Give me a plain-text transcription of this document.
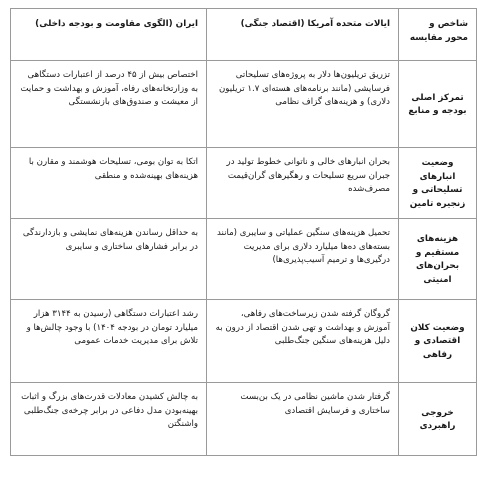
شاخص و محور مقایسه	ایالات متحده آمریکا (اقتصاد جنگی)	ایران (الگوی مقاومت و بودجه داخلی)
تمرکز اصلی بودجه و منابع	تزریق تریلیون‌ها دلار به پروژه‌های تسلیحاتی فرسایشی (مانند برنامه‌های هسته‌ای ۱.۷ تریلیون دلاری) و هزینه‌های گزاف نظامی	اختصاص بیش از ۴۵ درصد از اعتبارات دستگاهی به وزارتخانه‌های رفاه، آموزش و بهداشت و حمایت از معیشت و صندوق‌های بازنشستگی
وضعیت انبارهای تسلیحاتی و زنجیره تامین	بحران انبارهای خالی و ناتوانی خطوط تولید در جبران سریع تسلیحات و رهگیرهای گران‌قیمت مصرف‌شده	اتکا به توان بومی، تسلیحات هوشمند و مقارن با هزینه‌های بهینه‌شده و منطقی
هزینه‌های مستقیم و بحران‌های امنیتی	تحمیل هزینه‌های سنگین عملیاتی و سایبری (مانند بسته‌های ده‌ها میلیارد دلاری برای مدیریت درگیری‌ها و ترمیم آسیب‌پذیری‌ها)	به حداقل رساندن هزینه‌های نمایشی و بازدارندگی در برابر فشارهای ساختاری و سایبری
وضعیت کلان اقتصادی و رفاهی	گروگان گرفته شدن زیرساخت‌های رفاهی، آموزش و بهداشت و تهی شدن اقتصاد از درون به دلیل هزینه‌های سنگین جنگ‌طلبی	رشد اعتبارات دستگاهی (رسیدن به ۳۱۴۴ هزار میلیارد تومان در بودجه ۱۴۰۴) با وجود چالش‌ها و تلاش برای مدیریت خدمات عمومی
خروجی راهبردی	گرفتار شدن ماشین نظامی در یک بن‌بست ساختاری و فرسایش اقتصادی	به چالش کشیدن معادلات قدرت‌های بزرگ و اثبات بهینه‌بودن مدل دفاعی در برابر چرخه‌ی جنگ‌طلبی واشنگتن
